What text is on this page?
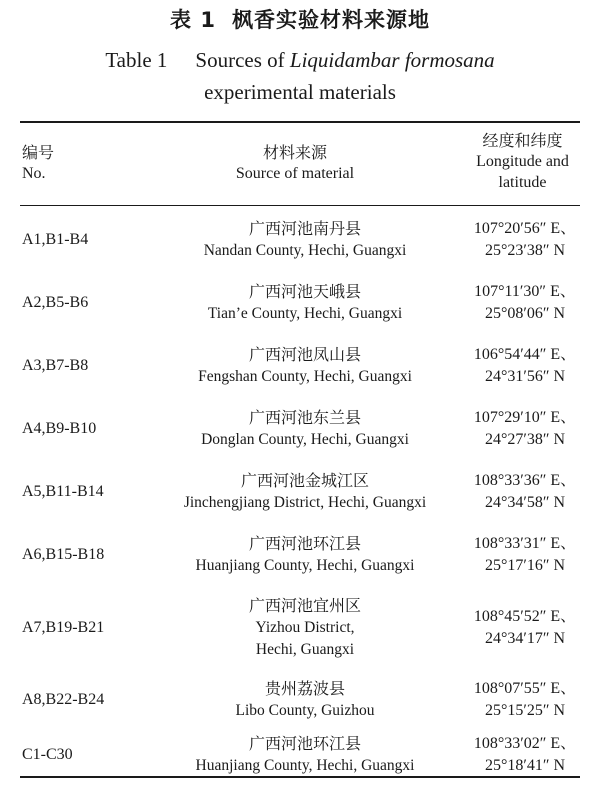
表 1 枫香实验材料来源地
Table 1 Sources of Liquidambar formosana
experimental materials
编号
No.
材料来源
Source of material
经度和纬度
Longitude and
latitude
A1,B1-B4
广西河池南丹县
Nandan County, Hechi, Guangxi
107°20′56″ E、
25°23′38″ N
A2,B5-B6
广西河池天峨县
Tian’e County, Hechi, Guangxi
107°11′30″ E、
25°08′06″ N
A3,B7-B8
广西河池凤山县
Fengshan County, Hechi, Guangxi
106°54′44″ E、
24°31′56″ N
A4,B9-B10
广西河池东兰县
Donglan County, Hechi, Guangxi
107°29′10″ E、
24°27′38″ N
A5,B11-B14
广西河池金城江区
Jinchengjiang District, Hechi, Guangxi
108°33′36″ E、
24°34′58″ N
A6,B15-B18
广西河池环江县
Huanjiang County, Hechi, Guangxi
108°33′31″ E、
25°17′16″ N
A7,B19-B21
广西河池宜州区
Yizhou District,
Hechi, Guangxi
108°45′52″ E、
24°34′17″ N
A8,B22-B24
贵州荔波县
Libo County, Guizhou
108°07′55″ E、
25°15′25″ N
C1-C30
广西河池环江县
Huanjiang County, Hechi, Guangxi
108°33′02″ E、
25°18′41″ N
